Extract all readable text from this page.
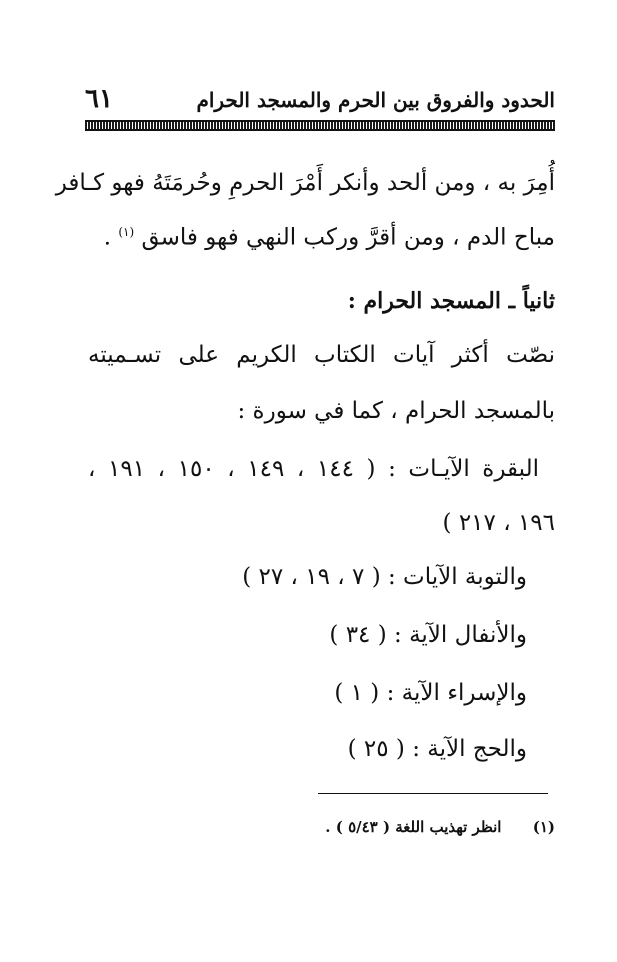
الحدود والفروق بين الحرم والمسجد الحرام
٦١
أُمِرَ به ، ومن ألحد وأنكر أَمْرَ الحرمِ وحُرمَتَهُ فهو كـافر
مباح الدم ، ومن أقرَّ وركب النهي فهو فاسق $^{(١)}$ .
ثانياً ـ المسجد الحرام :
نصّت أكثر آيات الكتاب الكريم على تسـميته
بالمسجد الحرام ، كما في سورة :
البقرة الآيـات : ( ١٤٤ ، ١٤٩ ، ١٥٠ ، ١٩١ ،
١٩٦ ، ٢١٧ )
والتوبة الآيات : ( ٧ ، ١٩ ، ٢٧ )
والأنفال الآية : ( ٣٤ )
والإسراء الآية : ( ١ )
والحج الآية : ( ٢٥ )
(١) انظر تهذيب اللغة ( ٥/٤٣ ) .
